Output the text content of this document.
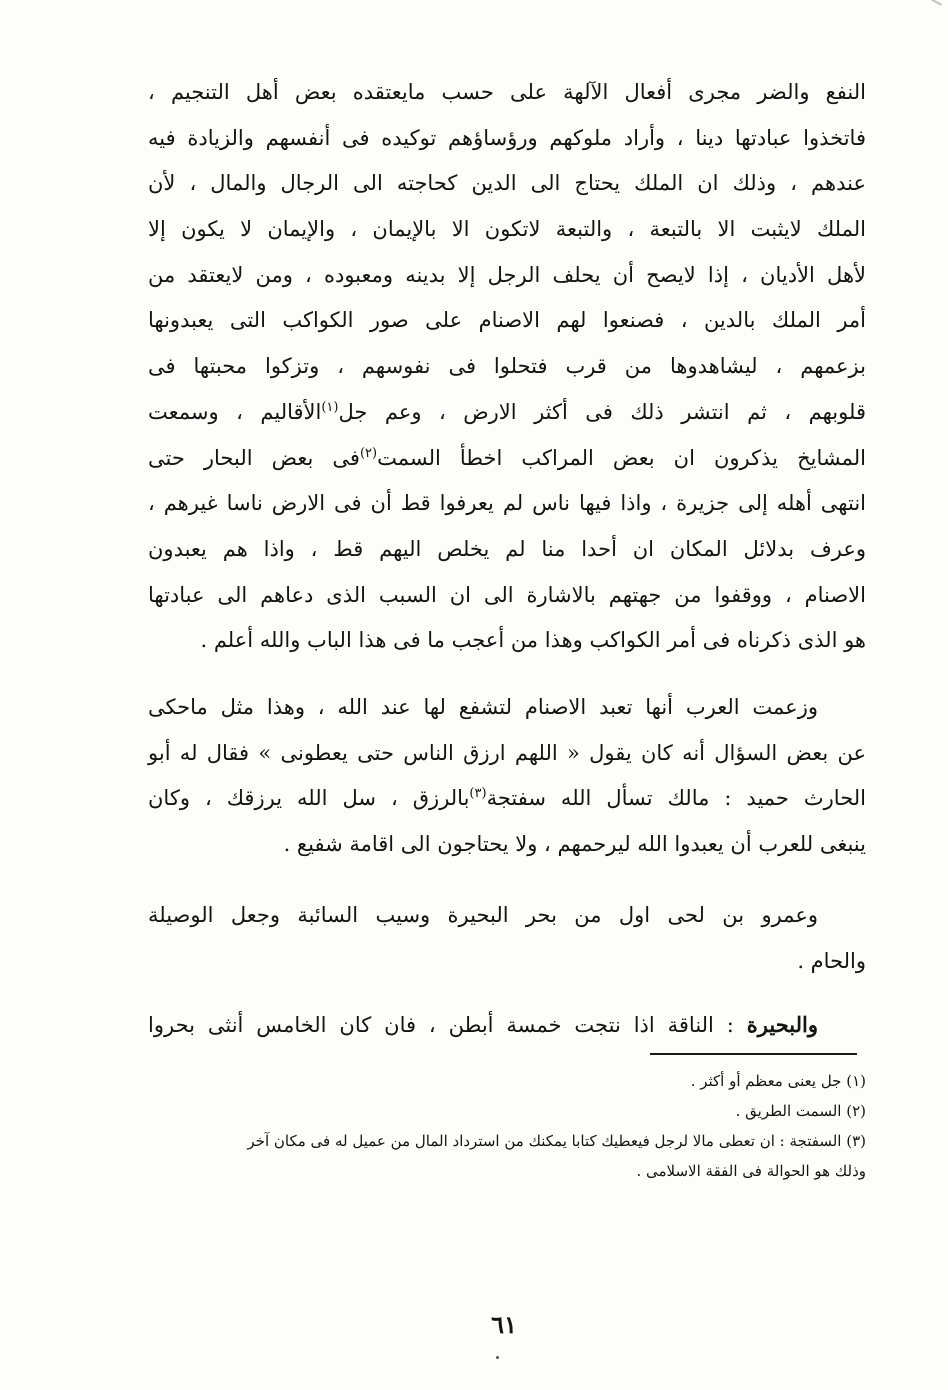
النفع والضر مجرى أفعال الآلهة على حسب مايعتقده بعض أهل التنجيم ،
فاتخذوا عبادتها دينا ، وأراد ملوكهم ورؤساؤهم توكيده فى أنفسهم والزيادة فيه
عندهم ، وذلك ان الملك يحتاج الى الدين كحاجته الى الرجال والمال ، لأن
الملك لايثبت الا بالتبعة ، والتبعة لاتكون الا بالإيمان ، والإيمان لا يكون إلا
لأهل الأديان ، إذا لايصح أن يحلف الرجل إلا بدينه ومعبوده ، ومن لايعتقد من
أمر الملك بالدين ، فصنعوا لهم الاصنام على صور الكواكب التى يعبدونها
بزعمهم ، ليشاهدوها من قرب فتحلوا فى نفوسهم ، وتزكوا محبتها فى
قلوبهم ، ثم انتشر ذلك فى أكثر الارض ، وعم جل$^{(١)}$الأقاليم ، وسمعت
المشايخ يذكرون ان بعض المراكب اخطأ السمت$^{(٢)}$فى بعض البحار حتى
انتهى أهله إلى جزيرة ، واذا فيها ناس لم يعرفوا قط أن فى الارض ناسا غيرهم ،
وعرف بدلائل المكان ان أحدا منا لم يخلص اليهم قط ، واذا هم يعبدون
الاصنام ، ووقفوا من جهتهم بالاشارة الى ان السبب الذى دعاهم الى عبادتها
هو الذى ذكرناه فى أمر الكواكب وهذا من أعجب ما فى هذا الباب والله أعلم .
وزعمت العرب أنها تعبد الاصنام لتشفع لها عند الله ، وهذا مثل ماحكى
عن بعض السؤال أنه كان يقول « اللهم ارزق الناس حتى يعطونى » فقال له أبو
الحارث حميد : مالك تسأل الله سفتجة$^{(٣)}$بالرزق ، سل الله يرزقك ، وكان
ينبغى للعرب أن يعبدوا الله ليرحمهم ، ولا يحتاجون الى اقامة شفيع .
وعمرو بن لحى اول من بحر البحيرة وسيب السائبة وجعل الوصيلة
والحام .
والبحيرة : الناقة اذا نتجت خمسة أبطن ، فان كان الخامس أنثى بحروا
(١) جل يعنى معظم أو أكثر .
(٢) السمت الطريق .
(٣) السفتجة : ان تعطى مالا لرجل فيعطيك كتابا يمكنك من استرداد المال من عميل له فى مكان آخر
وذلك هو الحوالة فى الفقة الاسلامى .
٦١
